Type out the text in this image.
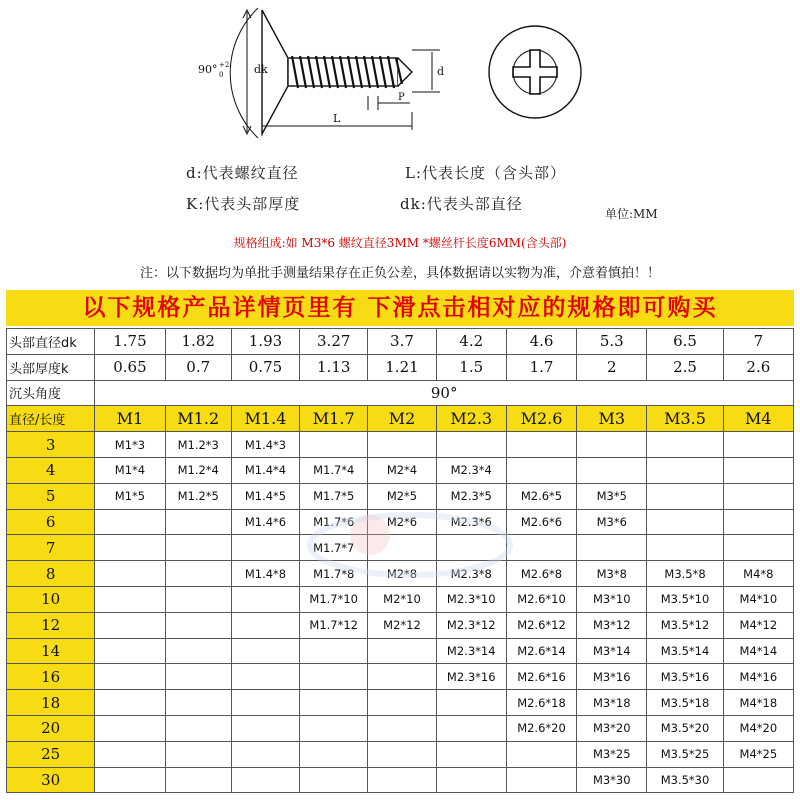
90° +2
0	dk	d
L
P
d:代表螺纹直径	L:代表长度（含头部）
K:代表头部厚度	dk:代表头部直径
单位:MM
规格组成:如 M3*6 螺纹直径3MM *螺丝杆长度6MM(含头部)
注：以下数据均为单批手测量结果存在正负公差，具体数据请以实物为准，介意着慎拍！！
以下规格产品详情页里有 下滑点击相对应的规格即可购买
头部直径dk	1.75	1.82	1.93	3.27	3.7	4.2	4.6	5.3	6.5	7
头部厚度k	0.65	0.7	0.75	1.13	1.21	1.5	1.7	2	2.5	2.6
沉头角度	90°									
直径/长度	M1	M1.2	M1.4	M1.7	M2	M2.3	M2.6	M3	M3.5	M4
3	M1*3	M1.2*3	M1.4*3							
4	M1*4	M1.2*4	M1.4*4	M1.7*4	M2*4	M2.3*4				
5	M1*5	M1.2*5	M1.4*5	M1.7*5	M2*5	M2.3*5	M2.6*5	M3*5		
6			M1.4*6	M1.7*6	M2*6	M2.3*6	M2.6*6	M3*6		
7				M1.7*7						
8			M1.4*8	M1.7*8	M2*8	M2.3*8	M2.6*8	M3*8	M3.5*8	M4*8
10				M1.7*10	M2*10	M2.3*10	M2.6*10	M3*10	M3.5*10	M4*10
12				M1.7*12	M2*12	M2.3*12	M2.6*12	M3*12	M3.5*12	M4*12
14						M2.3*14	M2.6*14	M3*14	M3.5*14	M4*14
16						M2.3*16	M2.6*16	M3*16	M3.5*16	M4*16
18							M2.6*18	M3*18	M3.5*18	M4*18
20							M2.6*20	M3*20	M3.5*20	M4*20
25								M3*25	M3.5*25	M4*25
30								M3*30	M3.5*30	
